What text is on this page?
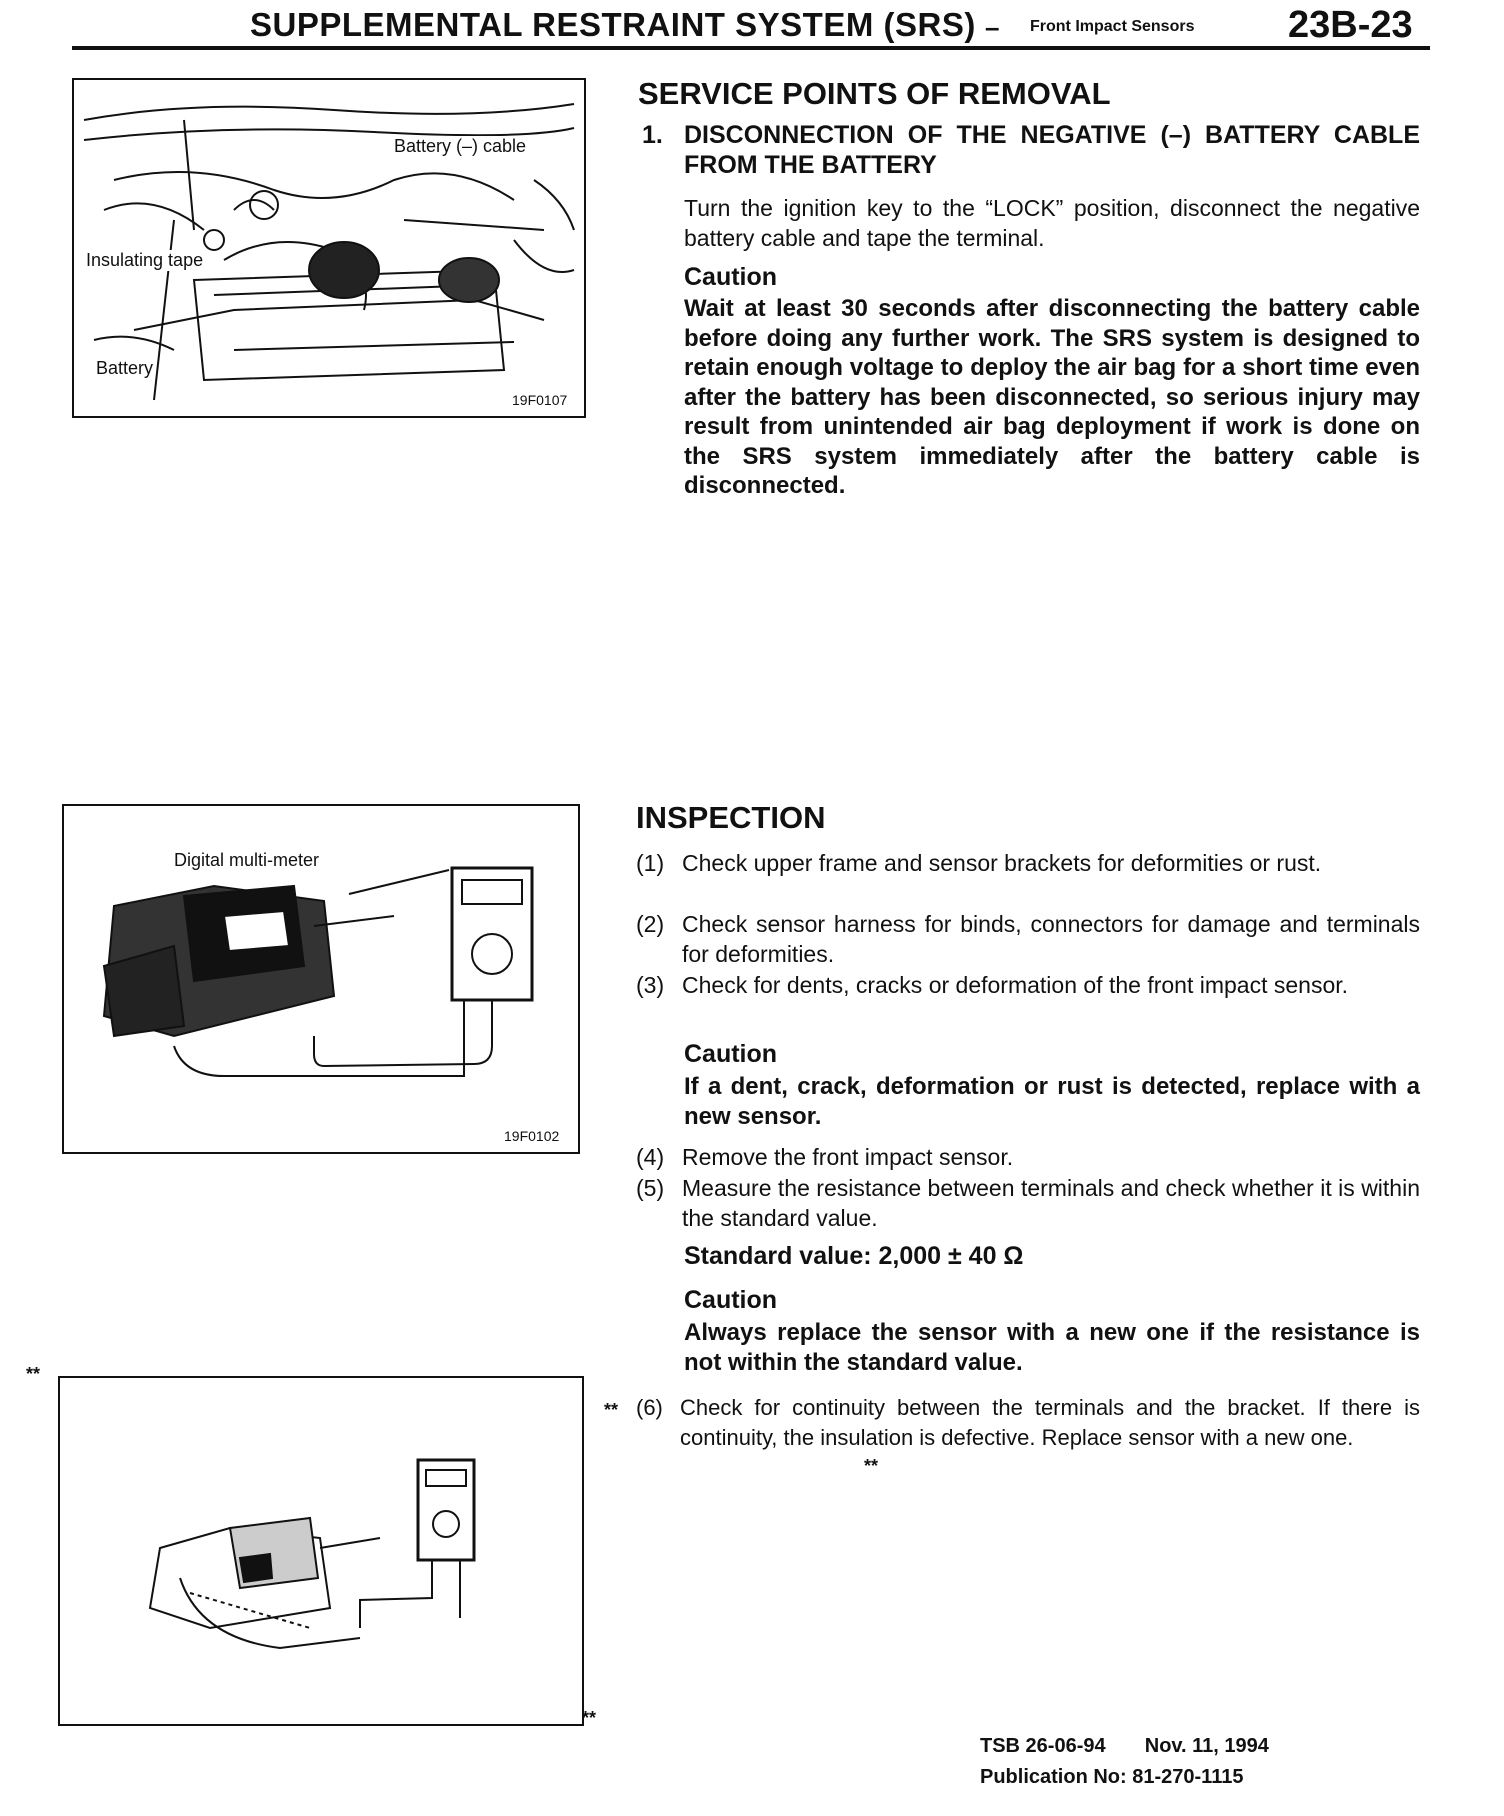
SUPPLEMENTAL RESTRAINT SYSTEM (SRS) – Front Impact Sensors 23B-23
Battery (–) cable
Insulating tape
Battery
19F0107
Digital multi-meter
19F0102
**
**
SERVICE POINTS OF REMOVAL
1. DISCONNECTION OF THE NEGATIVE (–) BATTERY CABLE FROM THE BATTERY
Turn the ignition key to the “LOCK” position, disconnect the negative battery cable and tape the terminal.
Caution
Wait at least 30 seconds after disconnecting the battery cable before doing any further work. The SRS system is designed to retain enough voltage to deploy the air bag for a short time even after the battery has been disconnected, so serious injury may result from unintended air bag deployment if work is done on the SRS system immediately after the battery cable is disconnected.
INSPECTION
(1) Check upper frame and sensor brackets for deformities or rust.
(2) Check sensor harness for binds, connectors for damage and terminals for deformities.
(3) Check for dents, cracks or deformation of the front impact sensor.
Caution
If a dent, crack, deformation or rust is detected, replace with a new sensor.
(4) Remove the front impact sensor.
(5) Measure the resistance between terminals and check whether it is within the standard value.
Standard value: 2,000 ± 40 Ω
Caution
Always replace the sensor with a new one if the resistance is not within the standard value.
** (6) Check for continuity between the terminals and the bracket. If there is continuity, the insulation is defective. Replace sensor with a new one.
**
TSB 26-06-94 Nov. 11, 1994
Publication No: 81-270-1115
